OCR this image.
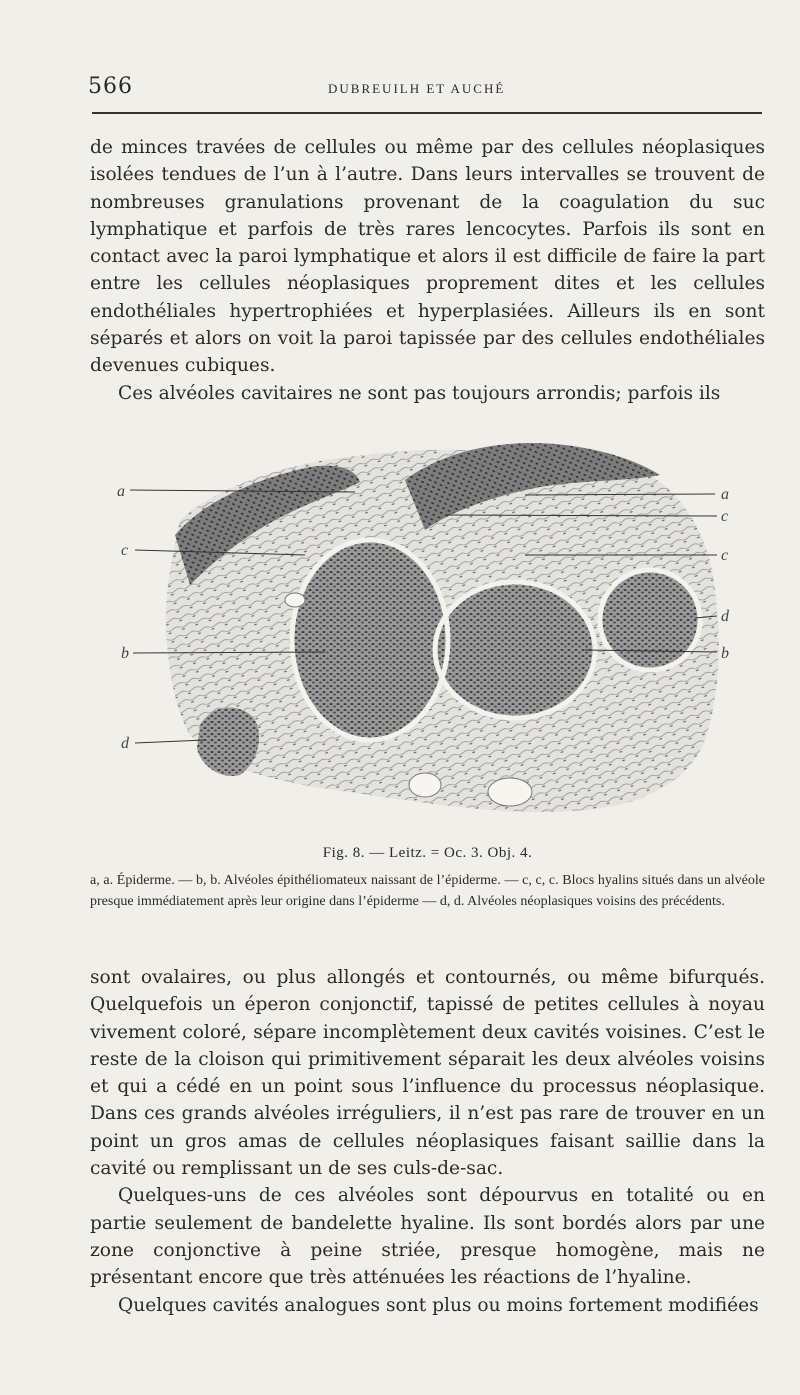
566	DUBREUILH ET AUCHÉ

de minces travées de cellules ou même par des cellules néoplasiques isolées tendues de l’un à l’autre. Dans leurs intervalles se trouvent de nombreuses granulations provenant de la coagulation du suc lymphatique et parfois de très rares lencocytes. Parfois ils sont en contact avec la paroi lymphatique et alors il est difficile de faire la part entre les cellules néoplasiques proprement dites et les cellules endothéliales hypertrophiées et hyperplasiées. Ailleurs ils en sont séparés et alors on voit la paroi tapissée par des cellules endothéliales devenues cubiques.

Ces alvéoles cavitaires ne sont pas toujours arrondis; parfois ils

a
c
b
d
a
c
c
d
b
Fig. 8. — Leitz. = Oc. 3. Obj. 4.
a, a. Épiderme. — b, b. Alvéoles épithéliomateux naissant de l’épiderme. — c, c, c. Blocs hyalins situés dans un alvéole presque immédiatement après leur origine dans l’épiderme — d, d. Alvéoles néoplasiques voisins des précédents.

sont ovalaires, ou plus allongés et contournés, ou même bifurqués. Quelquefois un éperon conjonctif, tapissé de petites cellules à noyau vivement coloré, sépare incomplètement deux cavités voisines. C’est le reste de la cloison qui primitivement séparait les deux alvéoles voisins et qui a cédé en un point sous l’influence du processus néoplasique. Dans ces grands alvéoles irréguliers, il n’est pas rare de trouver en un point un gros amas de cellules néoplasiques faisant saillie dans la cavité ou remplissant un de ses culs-de-sac.

Quelques-uns de ces alvéoles sont dépourvus en totalité ou en partie seulement de bandelette hyaline. Ils sont bordés alors par une zone conjonctive à peine striée, presque homogène, mais ne présentant encore que très atténuées les réactions de l’hyaline.

Quelques cavités analogues sont plus ou moins fortement modifiées
